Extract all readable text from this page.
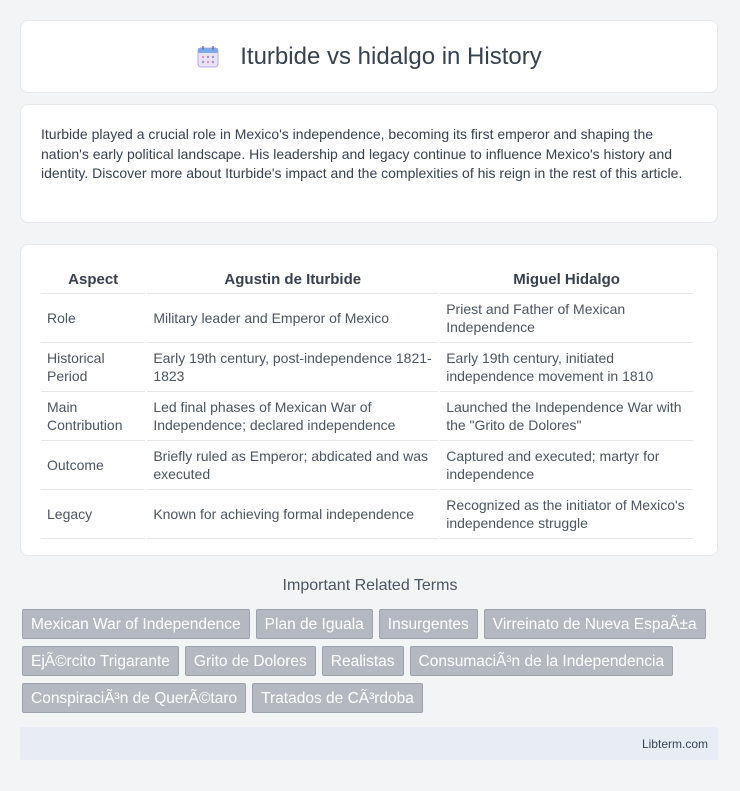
Iturbide vs hidalgo in History

Iturbide played a crucial role in Mexico's independence, becoming its first emperor and shaping the nation's early political landscape. His leadership and legacy continue to influence Mexico's history and identity. Discover more about Iturbide's impact and the complexities of his reign in the rest of this article.

Aspect	Agustin de Iturbide	Miguel Hidalgo
Role	Military leader and Emperor of Mexico	Priest and Father of Mexican Independence
Historical Period	Early 19th century, post-independence 1821-1823	Early 19th century, initiated independence movement in 1810
Main Contribution	Led final phases of Mexican War of Independence; declared independence	Launched the Independence War with the "Grito de Dolores"
Outcome	Briefly ruled as Emperor; abdicated and was executed	Captured and executed; martyr for independence
Legacy	Known for achieving formal independence	Recognized as the initiator of Mexico's independence struggle
Important Related Terms
Mexican War of Independence	Plan de Iguala	Insurgentes	Virreinato de Nueva EspaÃ±a
EjÃ©rcito Trigarante	Grito de Dolores	Realistas	ConsumaciÃ³n de la Independencia
ConspiraciÃ³n de QuerÃ©taro	Tratados de CÃ³rdoba
Libterm.com
